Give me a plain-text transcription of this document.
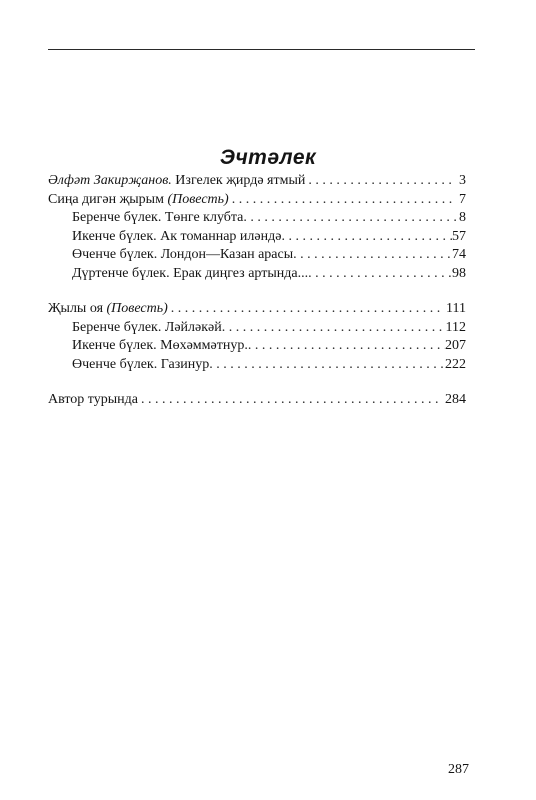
Эчтәлек
Әлфәт Закирҗанов. Изгелек җирдә ятмый . . .	3
Сиңа дигән җырым (Повесть) . . .	7
Беренче бүлек. Төнге клубта . . .	8
Икенче бүлек. Ак томаннар иләндә . . .	57
Өченче бүлек. Лондон—Казан арасы . . .	74
Дүртенче бүлек. Ерак диңгез артында... . . .	98
Җылы оя (Повесть) . . .	111
Беренче бүлек. Ләйләкәй . . .	112
Икенче бүлек. Мөхәммәтнур. . . .	207
Өченче бүлек. Газинур . . .	222
Автор турында . . .	284
287
